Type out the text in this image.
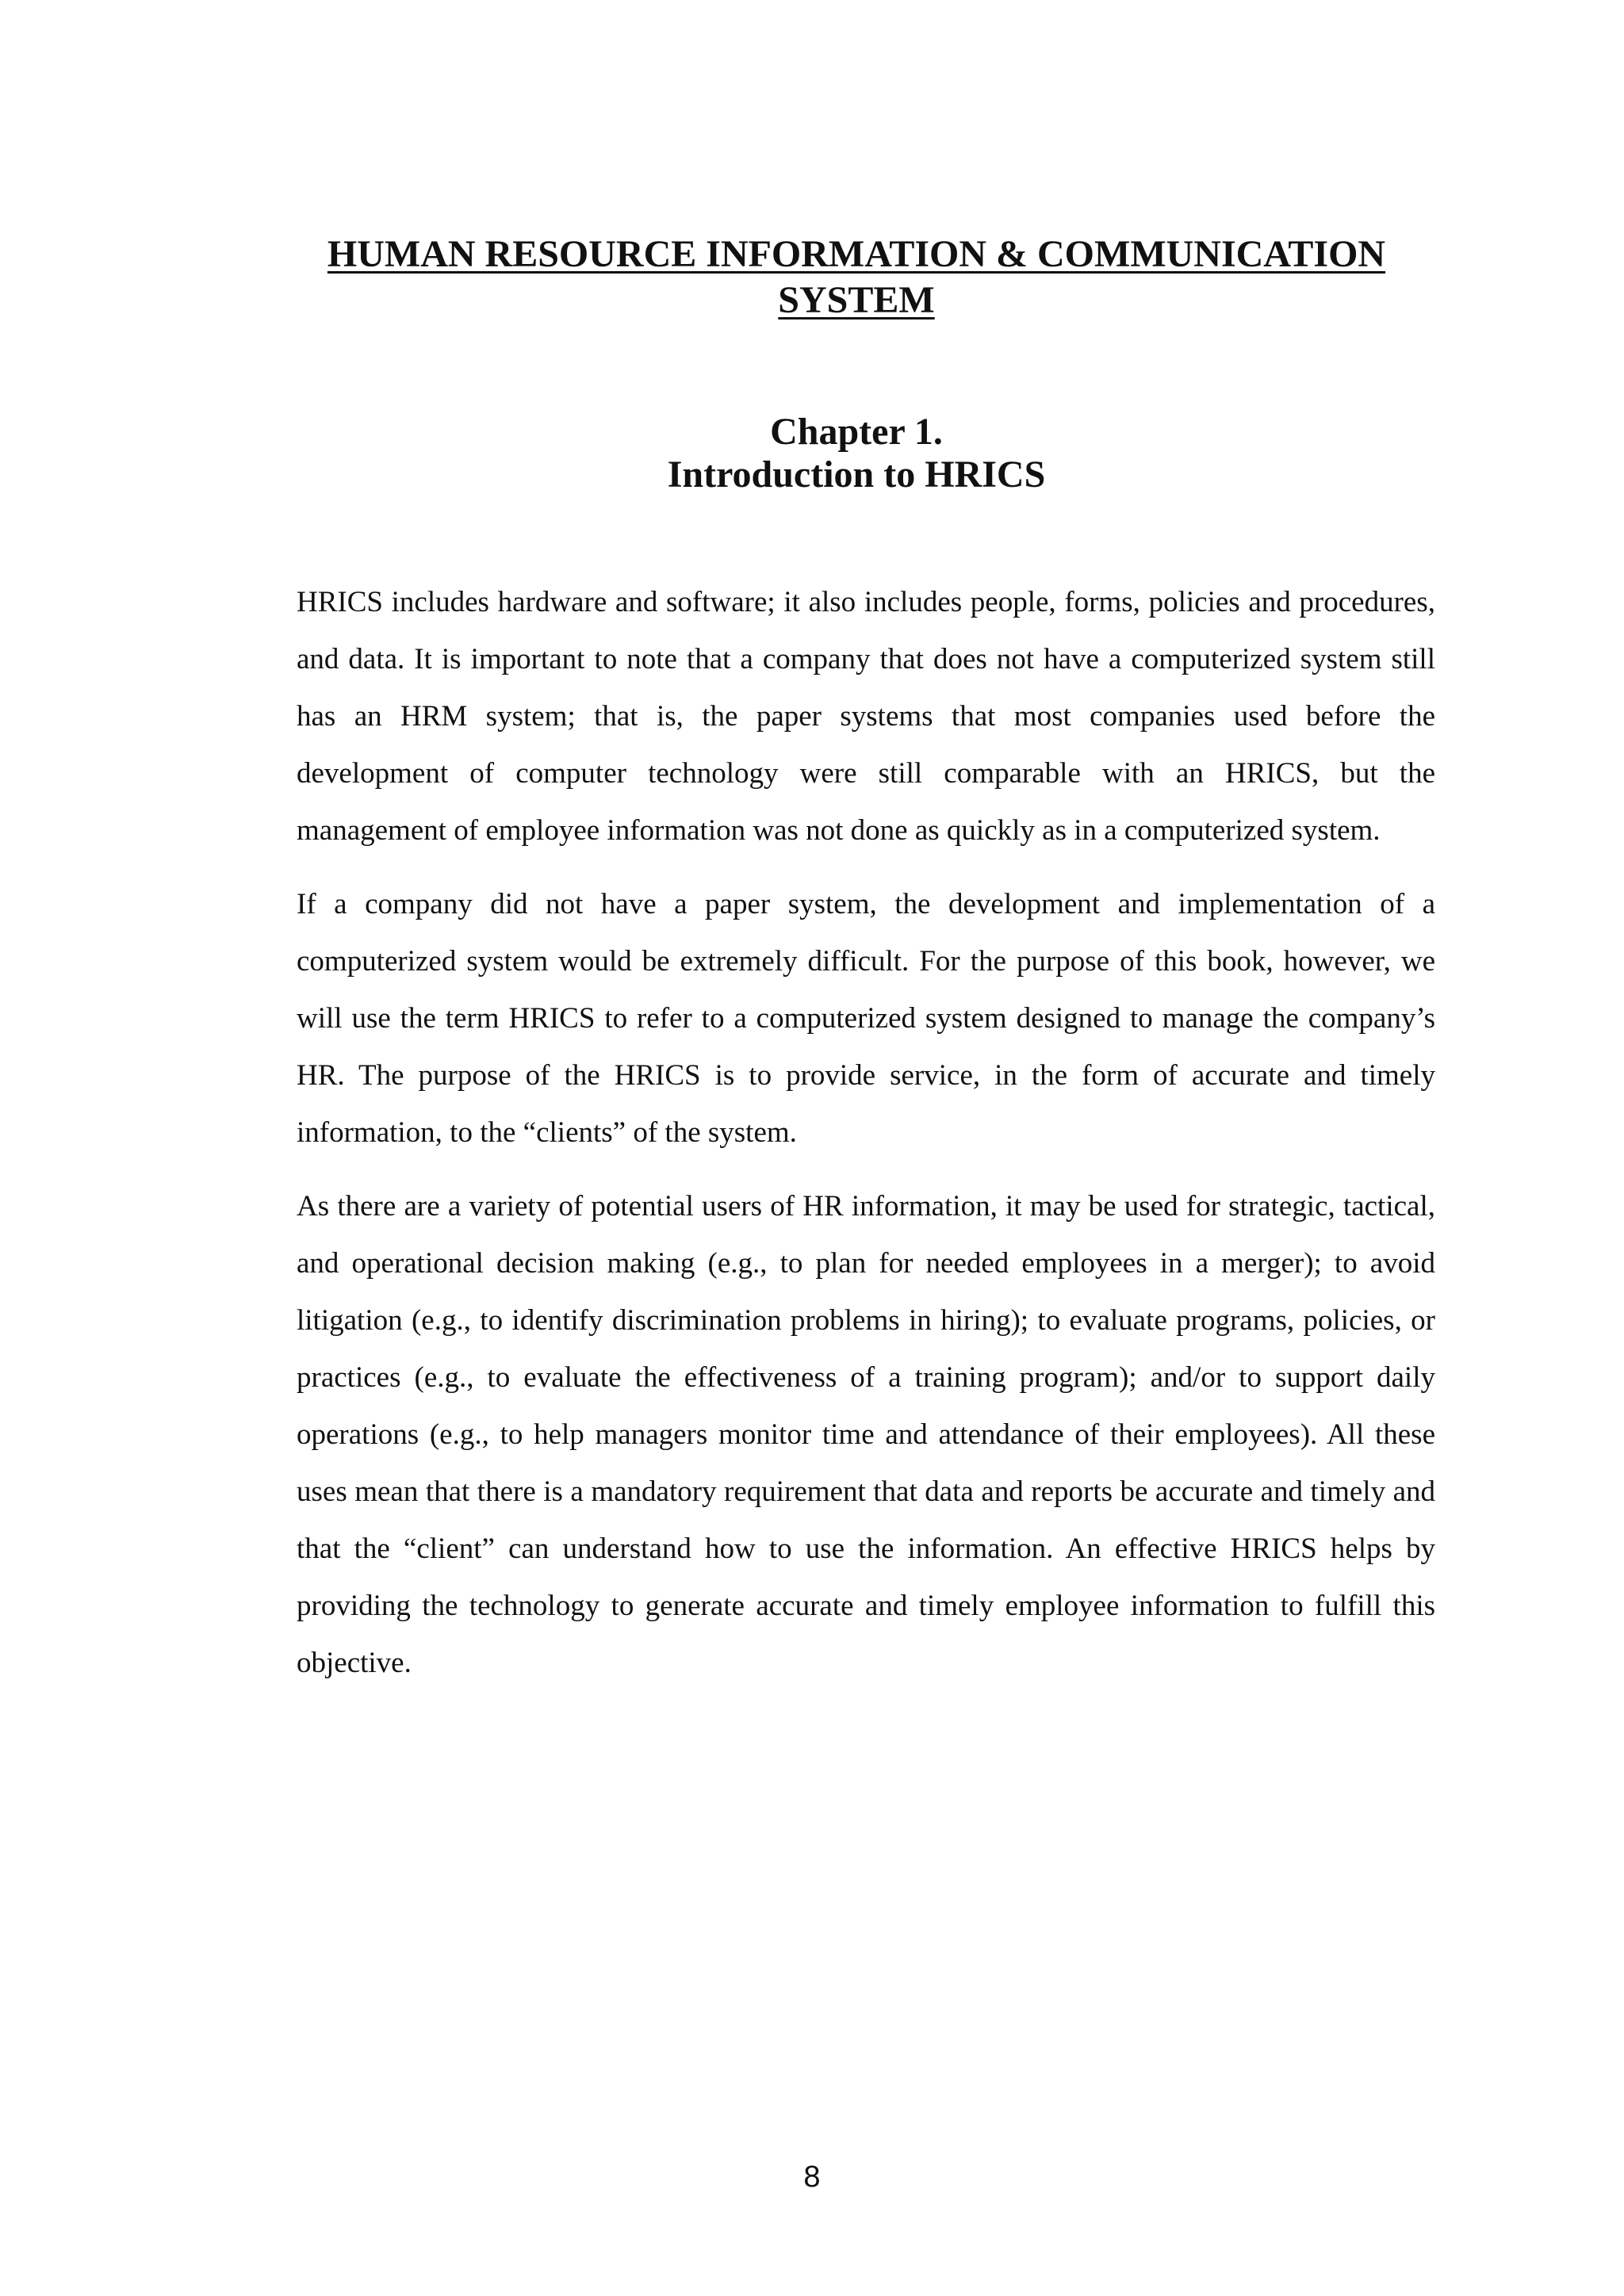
HUMAN RESOURCE INFORMATION & COMMUNICATION
SYSTEM
Chapter 1.
Introduction to HRICS

HRICS includes hardware and software; it also includes people, forms, policies and procedures, and data. It is important to note that a company that does not have a computerized system still has an HRM system; that is, the paper systems that most companies used before the development of computer technology were still comparable with an HRICS, but the management of employee information was not done as quickly as in a computerized system.

If a company did not have a paper system, the development and implementation of a computerized system would be extremely difficult. For the purpose of this book, however, we will use the term HRICS to refer to a computerized system designed to manage the company’s HR. The purpose of the HRICS is to provide service, in the form of accurate and timely information, to the “clients” of the system.

As there are a variety of potential users of HR information, it may be used for strategic, tactical, and operational decision making (e.g., to plan for needed employees in a merger); to avoid litigation (e.g., to identify discrimination problems in hiring); to evaluate programs, policies, or practices (e.g., to evaluate the effectiveness of a training program); and/or to support daily operations (e.g., to help managers monitor time and attendance of their employees). All these uses mean that there is a mandatory requirement that data and reports be accurate and timely and that the “client” can understand how to use the information. An effective HRICS helps by providing the technology to generate accurate and timely employee information to fulfill this objective.

8
